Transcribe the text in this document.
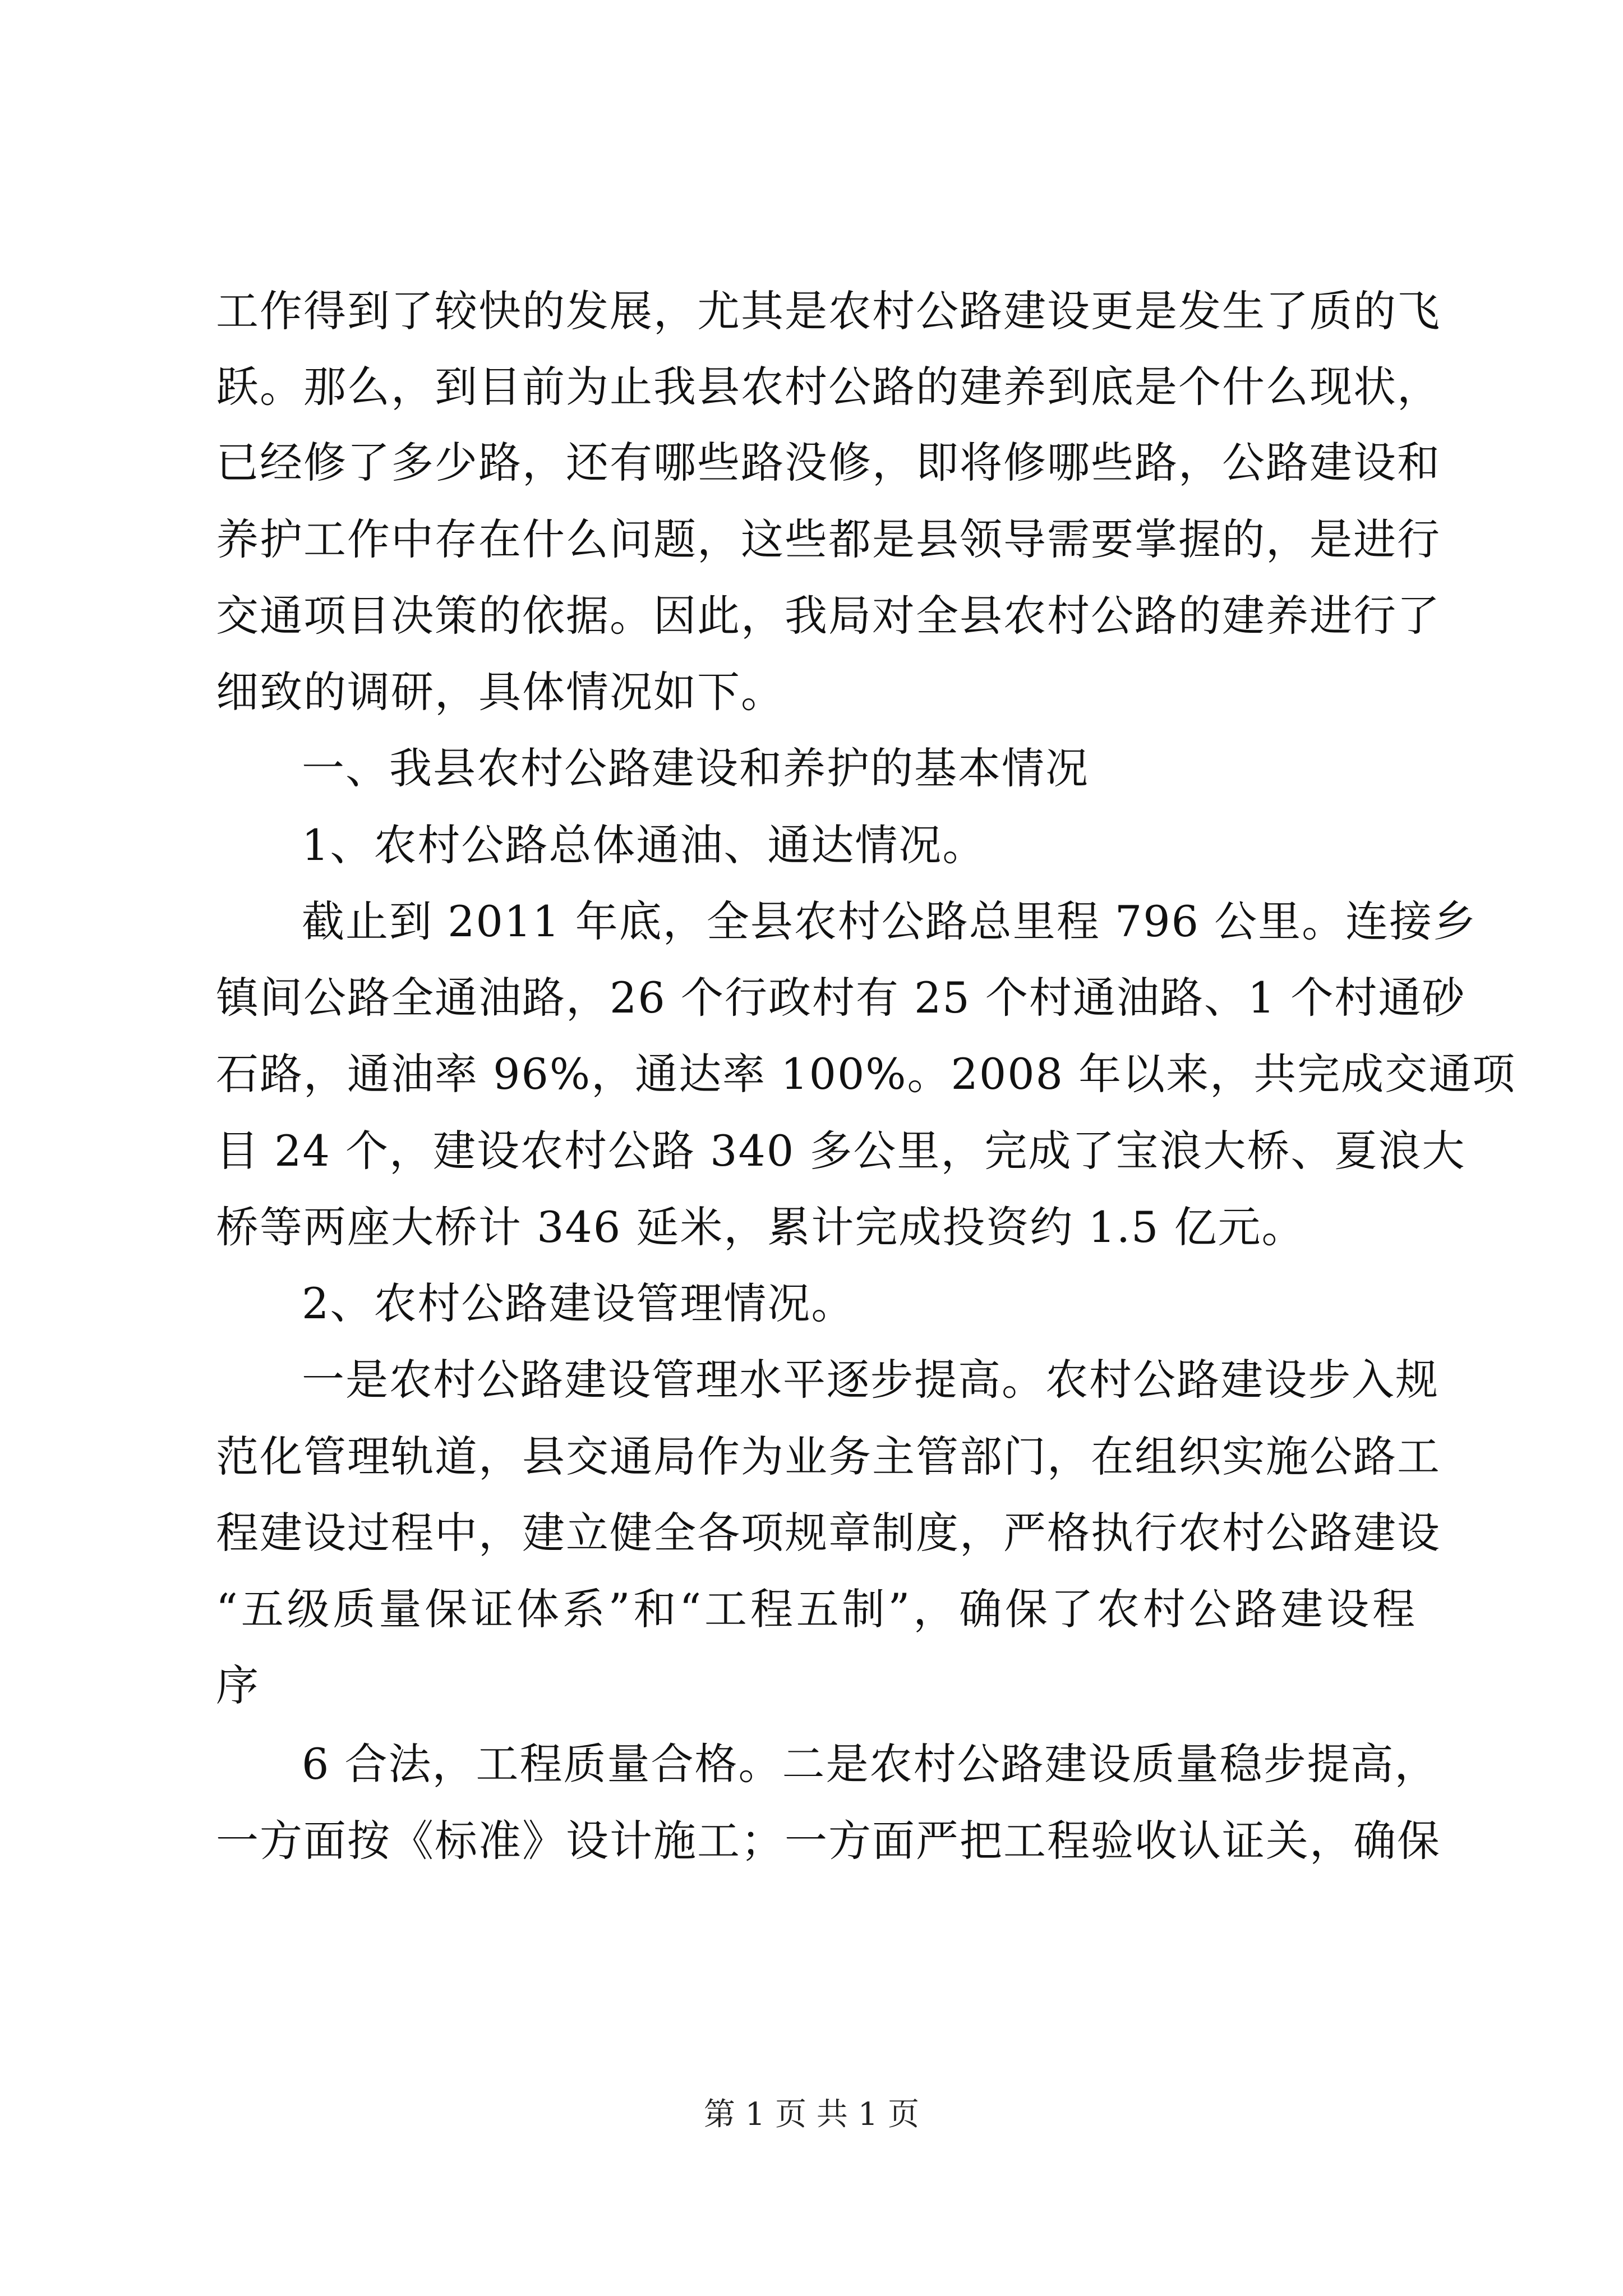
工作得到了较快的发展，尤其是农村公路建设更是发生了质的飞
跃。那么，到目前为止我县农村公路的建养到底是个什么现状，
已经修了多少路，还有哪些路没修，即将修哪些路，公路建设和
养护工作中存在什么问题，这些都是县领导需要掌握的，是进行
交通项目决策的依据。因此，我局对全县农村公路的建养进行了
细致的调研，具体情况如下。
一、我县农村公路建设和养护的基本情况
1、农村公路总体通油、通达情况。
截止到 2011 年底，全县农村公路总里程 796 公里。连接乡
镇间公路全通油路，26 个行政村有 25 个村通油路、1 个村通砂
石路，通油率 96%，通达率 100%。2008 年以来，共完成交通项
目 24 个，建设农村公路 340 多公里，完成了宝浪大桥、夏浪大
桥等两座大桥计 346 延米，累计完成投资约 1.5 亿元。
2、农村公路建设管理情况。
一是农村公路建设管理水平逐步提高。农村公路建设步入规
范化管理轨道，县交通局作为业务主管部门，在组织实施公路工
程建设过程中，建立健全各项规章制度，严格执行农村公路建设
“五级质量保证体系”和“工程五制”，确保了农村公路建设程
序
6 合法，工程质量合格。二是农村公路建设质量稳步提高，
一方面按《标准》设计施工；一方面严把工程验收认证关，确保
第 1 页 共 1 页
